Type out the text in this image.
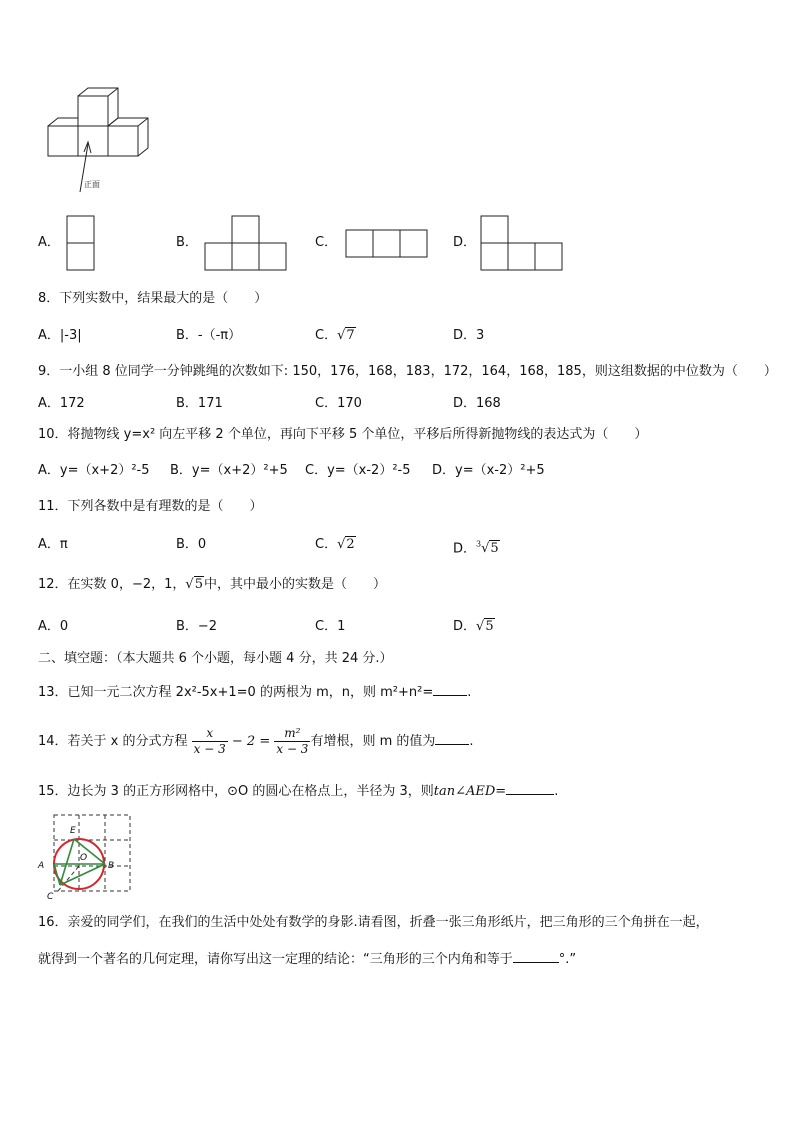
正面
A．	B．	C．	D．
8．下列实数中，结果最大的是（　　）
A．|-3|	B．-（-π）	C．√7	D．3
9．一小组 8 位同学一分钟跳绳的次数如下: 150，176，168，183，172，164，168，185，则这组数据的中位数为（　　）
A．172	B．171	C．170	D．168
10．将抛物线 y=x² 向左平移 2 个单位，再向下平移 5 个单位，平移后所得新抛物线的表达式为（　　）
A．y=（x+2）²-5 B．y=（x+2）²+5 C．y=（x-2）²-5 D．y=（x-2）²+5
11．下列各数中是有理数的是（　　）
A．π	B．0	C．√2	D．$^3$√5
12．在实数 0，−2，1，√5中，其中最小的实数是（　　）
A．0	B．−2	C．1	D．√5
二、填空题：（本大题共 6 个小题，每小题 4 分，共 24 分.）
13．已知一元二次方程 2x²-5x+1=0 的两根为 m，n，则 m²+n²=	.
14．若关于 x 的分式方程 $\frac{x}{x - 3} - 2 = \frac{\text{m²}}{x - 3}$ 有增根，则 m 的值为	.
15．边长为 3 的正方形网格中，⊙O 的圆心在格点上，半径为 3，则tan∠AED=	.
E
O
A	B
C
16．亲爱的同学们，在我们的生活中处处有数学的身影.请看图，折叠一张三角形纸片，把三角形的三个角拼在一起，
就得到一个著名的几何定理，请你写出这一定理的结论：“三角形的三个内角和等于	°.”
